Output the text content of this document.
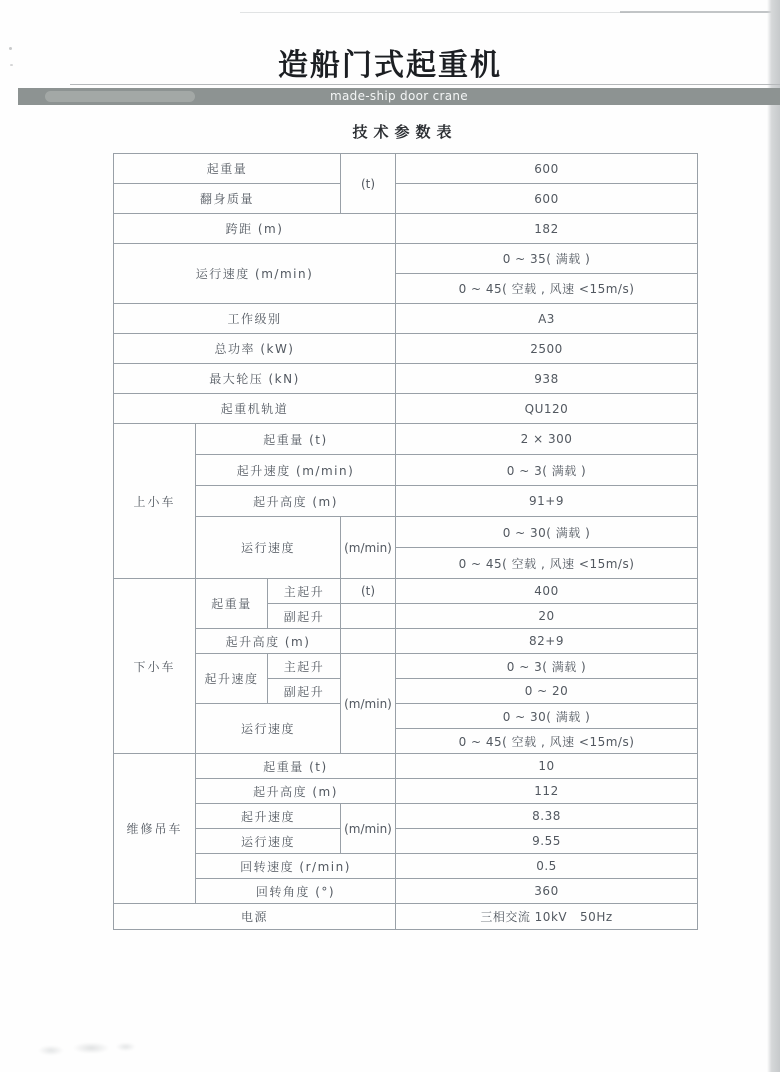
造船门式起重机
made-ship door crane
技术参数表
起重量			(t)	600
翻身质量				600
跨距 (m)				182
运行速度 (m/min)				0 ~ 35( 满载 )
				0 ~ 45( 空载 , 风速 <15m/s)
工作级别				A3
总功率 (kW)				2500
最大轮压 (kN)				938
起重机轨道				QU120
上小车	起重量 (t)			2 × 300
	起升速度 (m/min)			0 ~ 3( 满载 )
	起升高度 (m)			91+9
	运行速度		(m/min)	0 ~ 30( 满载 )
				0 ~ 45( 空载 , 风速 <15m/s)
下小车	起重量	主起升	(t)	400
		副起升		20
	起升高度 (m)			82+9
	起升速度	主起升	(m/min)	0 ~ 3( 满载 )
		副起升		0 ~ 20
	运行速度			0 ~ 30( 满载 )
				0 ~ 45( 空载 , 风速 <15m/s)
维修吊车	起重量 (t)			10
	起升高度 (m)			112
	起升速度		(m/min)	8.38
	运行速度			9.55
	回转速度 (r/min)			0.5
	回转角度 (°)			360
电源				三相交流 10kV   50Hz
